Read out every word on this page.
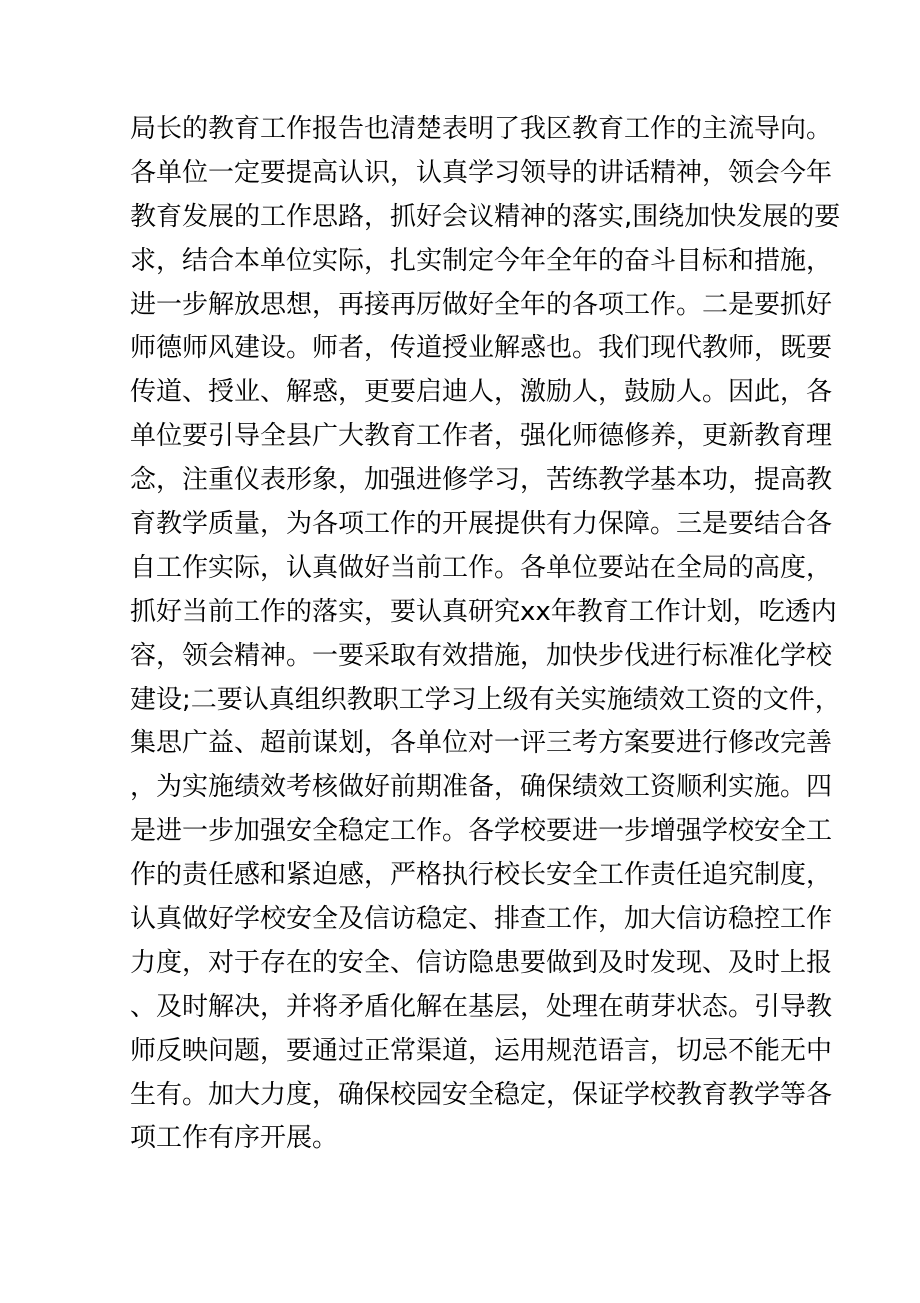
局长的教育工作报告也清楚表明了我区教育工作的主流导向。
各单位一定要提高认识，认真学习领导的讲话精神，领会今年
教育发展的工作思路，抓好会议精神的落实,围绕加快发展的要
求，结合本单位实际，扎实制定今年全年的奋斗目标和措施，
进一步解放思想，再接再厉做好全年的各项工作。二是要抓好
师德师风建设。师者，传道授业解惑也。我们现代教师，既要
传道、授业、解惑，更要启迪人，激励人，鼓励人。因此，各
单位要引导全县广大教育工作者，强化师德修养，更新教育理
念，注重仪表形象，加强进修学习，苦练教学基本功，提高教
育教学质量，为各项工作的开展提供有力保障。三是要结合各
自工作实际，认真做好当前工作。各单位要站在全局的高度，
抓好当前工作的落实，要认真研究xx年教育工作计划，吃透内
容，领会精神。一要采取有效措施，加快步伐进行标准化学校
建设;二要认真组织教职工学习上级有关实施绩效工资的文件，
集思广益、超前谋划，各单位对一评三考方案要进行修改完善
，为实施绩效考核做好前期准备，确保绩效工资顺利实施。四
是进一步加强安全稳定工作。各学校要进一步增强学校安全工
作的责任感和紧迫感，严格执行校长安全工作责任追究制度，
认真做好学校安全及信访稳定、排查工作，加大信访稳控工作
力度，对于存在的安全、信访隐患要做到及时发现、及时上报
、及时解决，并将矛盾化解在基层，处理在萌芽状态。引导教
师反映问题，要通过正常渠道，运用规范语言，切忌不能无中
生有。加大力度，确保校园安全稳定，保证学校教育教学等各
项工作有序开展。
